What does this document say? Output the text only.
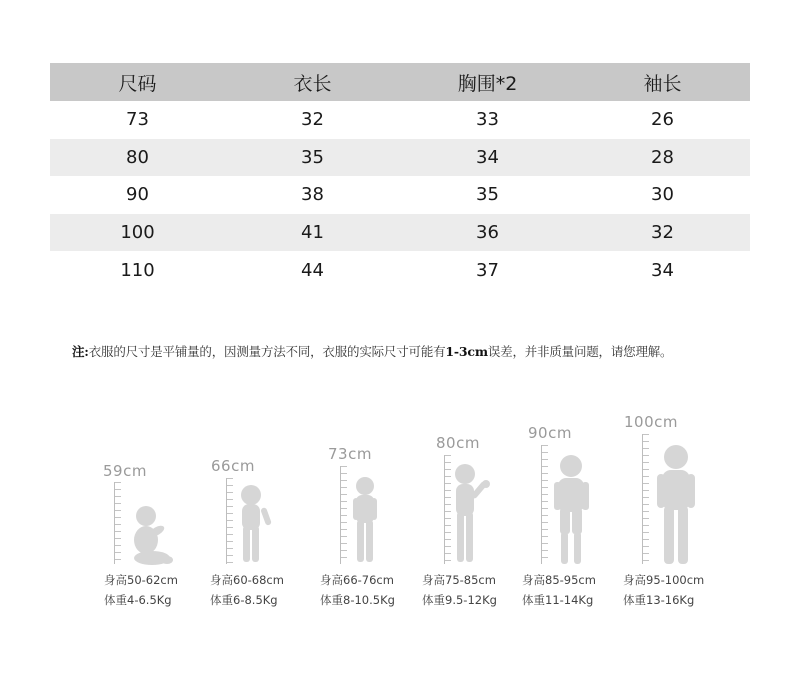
尺码	衣长	胸围*2	袖长
73	32	33	26
80	35	34	28
90	38	35	30
100	41	36	32
110	44	37	34
注:衣服的尺寸是平铺量的，因测量方法不同，衣服的实际尺寸可能有1-3cm误差，并非质量问题，请您理解。
59cm
身高50-62cm
体重4-6.5Kg
66cm
身高60-68cm
体重6-8.5Kg
73cm
身高66-76cm
体重8-10.5Kg
80cm
身高75-85cm
体重9.5-12Kg
90cm
身高85-95cm
体重11-14Kg
100cm
身高95-100cm
体重13-16Kg
